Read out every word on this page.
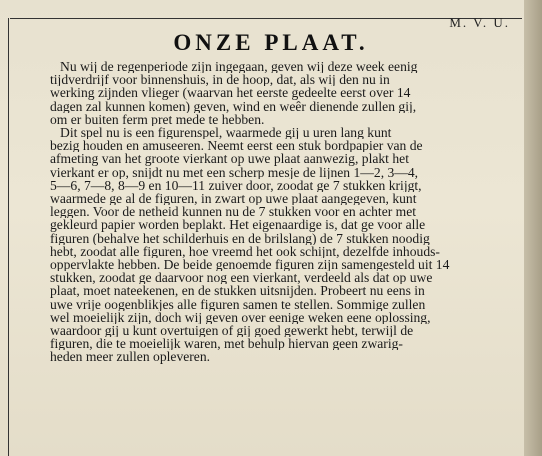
M. V. U.
ONZE PLAAT.
Nu wij de regenperiode zijn ingegaan, geven wij deze week eenig
tijdverdrijf voor binnenshuis, in de hoop, dat, als wij den nu in
werking zijnden vlieger (waarvan het eerste gedeelte eerst over 14
dagen zal kunnen komen) geven, wind en weêr dienende zullen gij,
om er buiten ferm pret mede te hebben.
Dit spel nu is een figurenspel, waarmede gij u uren lang kunt
bezig houden en amuseeren. Neemt eerst een stuk bordpapier van de
afmeting van het groote vierkant op uwe plaat aanwezig, plakt het
vierkant er op, snijdt nu met een scherp mesje de lijnen 1—2, 3—4,
5—6, 7—8, 8—9 en 10—11 zuiver door, zoodat ge 7 stukken krijgt,
waarmede ge al de figuren, in zwart op uwe plaat aangegeven, kunt
leggen. Voor de netheid kunnen nu de 7 stukken voor en achter met
gekleurd papier worden beplakt. Het eigenaardige is, dat ge voor alle
figuren (behalve het schilderhuis en de brilslang) de 7 stukken noodig
hebt, zoodat alle figuren, hoe vreemd het ook schijnt, dezelfde inhouds-
oppervlakte hebben. De beide genoemde figuren zijn samengesteld uit 14
stukken, zoodat ge daarvoor nog een vierkant, verdeeld als dat op uwe
plaat, moet nateekenen, en de stukken uitsnijden. Probeert nu eens in
uwe vrije oogenblikjes alle figuren samen te stellen. Sommige zullen
wel moeielijk zijn, doch wij geven over eenige weken eene oplossing,
waardoor gij u kunt overtuigen of gij goed gewerkt hebt, terwijl de
figuren, die te moeielijk waren, met behulp hiervan geen zwarig-
heden meer zullen opleveren.
